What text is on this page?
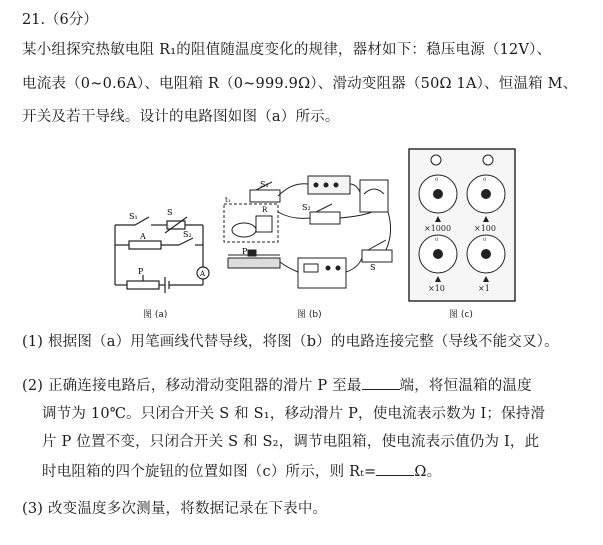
21.（6分）
某小组探究热敏电阻 R₁的阻值随温度变化的规律，器材如下：稳压电源（12V）、
电流表（0~0.6A）、电阻箱 R（0~999.9Ω）、滑动变阻器（50Ω 1A）、恒温箱 M、
开关及若干导线。设计的电路图如图（a）所示。
S₁	S
S₂
A
P	A
图 (a)
S₁
S₂
S
P
R
t₁
图 (b)
0	0
0	0
×1000	×100
×10	×1
图 (c)
(1) 根据图（a）用笔画线代替导线，将图（b）的电路连接完整（导线不能交叉）。
(2) 正确连接电路后，移动滑动变阻器的滑片 P 至最	端，将恒温箱的温度
调节为 10℃。只闭合开关 S 和 S₁，移动滑片 P，使电流表示数为 I；保持滑
片 P 位置不变，只闭合开关 S 和 S₂，调节电阻箱，使电流表示值仍为 I，此
时电阻箱的四个旋钮的位置如图（c）所示，则 Rₜ=	Ω。
(3) 改变温度多次测量，将数据记录在下表中。
